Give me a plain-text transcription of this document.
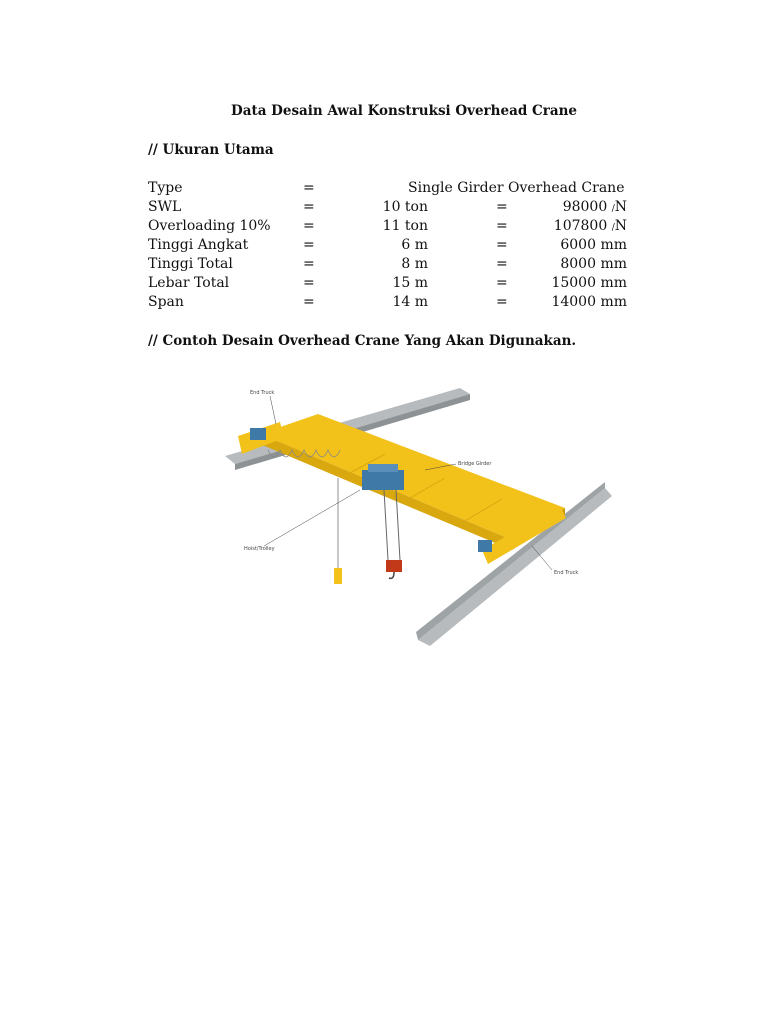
Data Desain Awal Konstruksi Overhead Crane
// Ukuran Utama
Type	=	Single Girder Overhead Crane
SWL	=	10 ton	=	98000 /N
Overloading 10% =	11 ton	=	107800 /N
Tinggi Angkat	=	6 m	=	6000 mm
Tinggi Total	=	8 m	=	8000 mm
Lebar Total	=	15 m	=	15000 mm
Span	=	14 m	=	14000 mm
// Contoh Desain Overhead Crane Yang Akan Digunakan.
End Truck
Bridge Girder
Hoist/Trolley
End Truck
